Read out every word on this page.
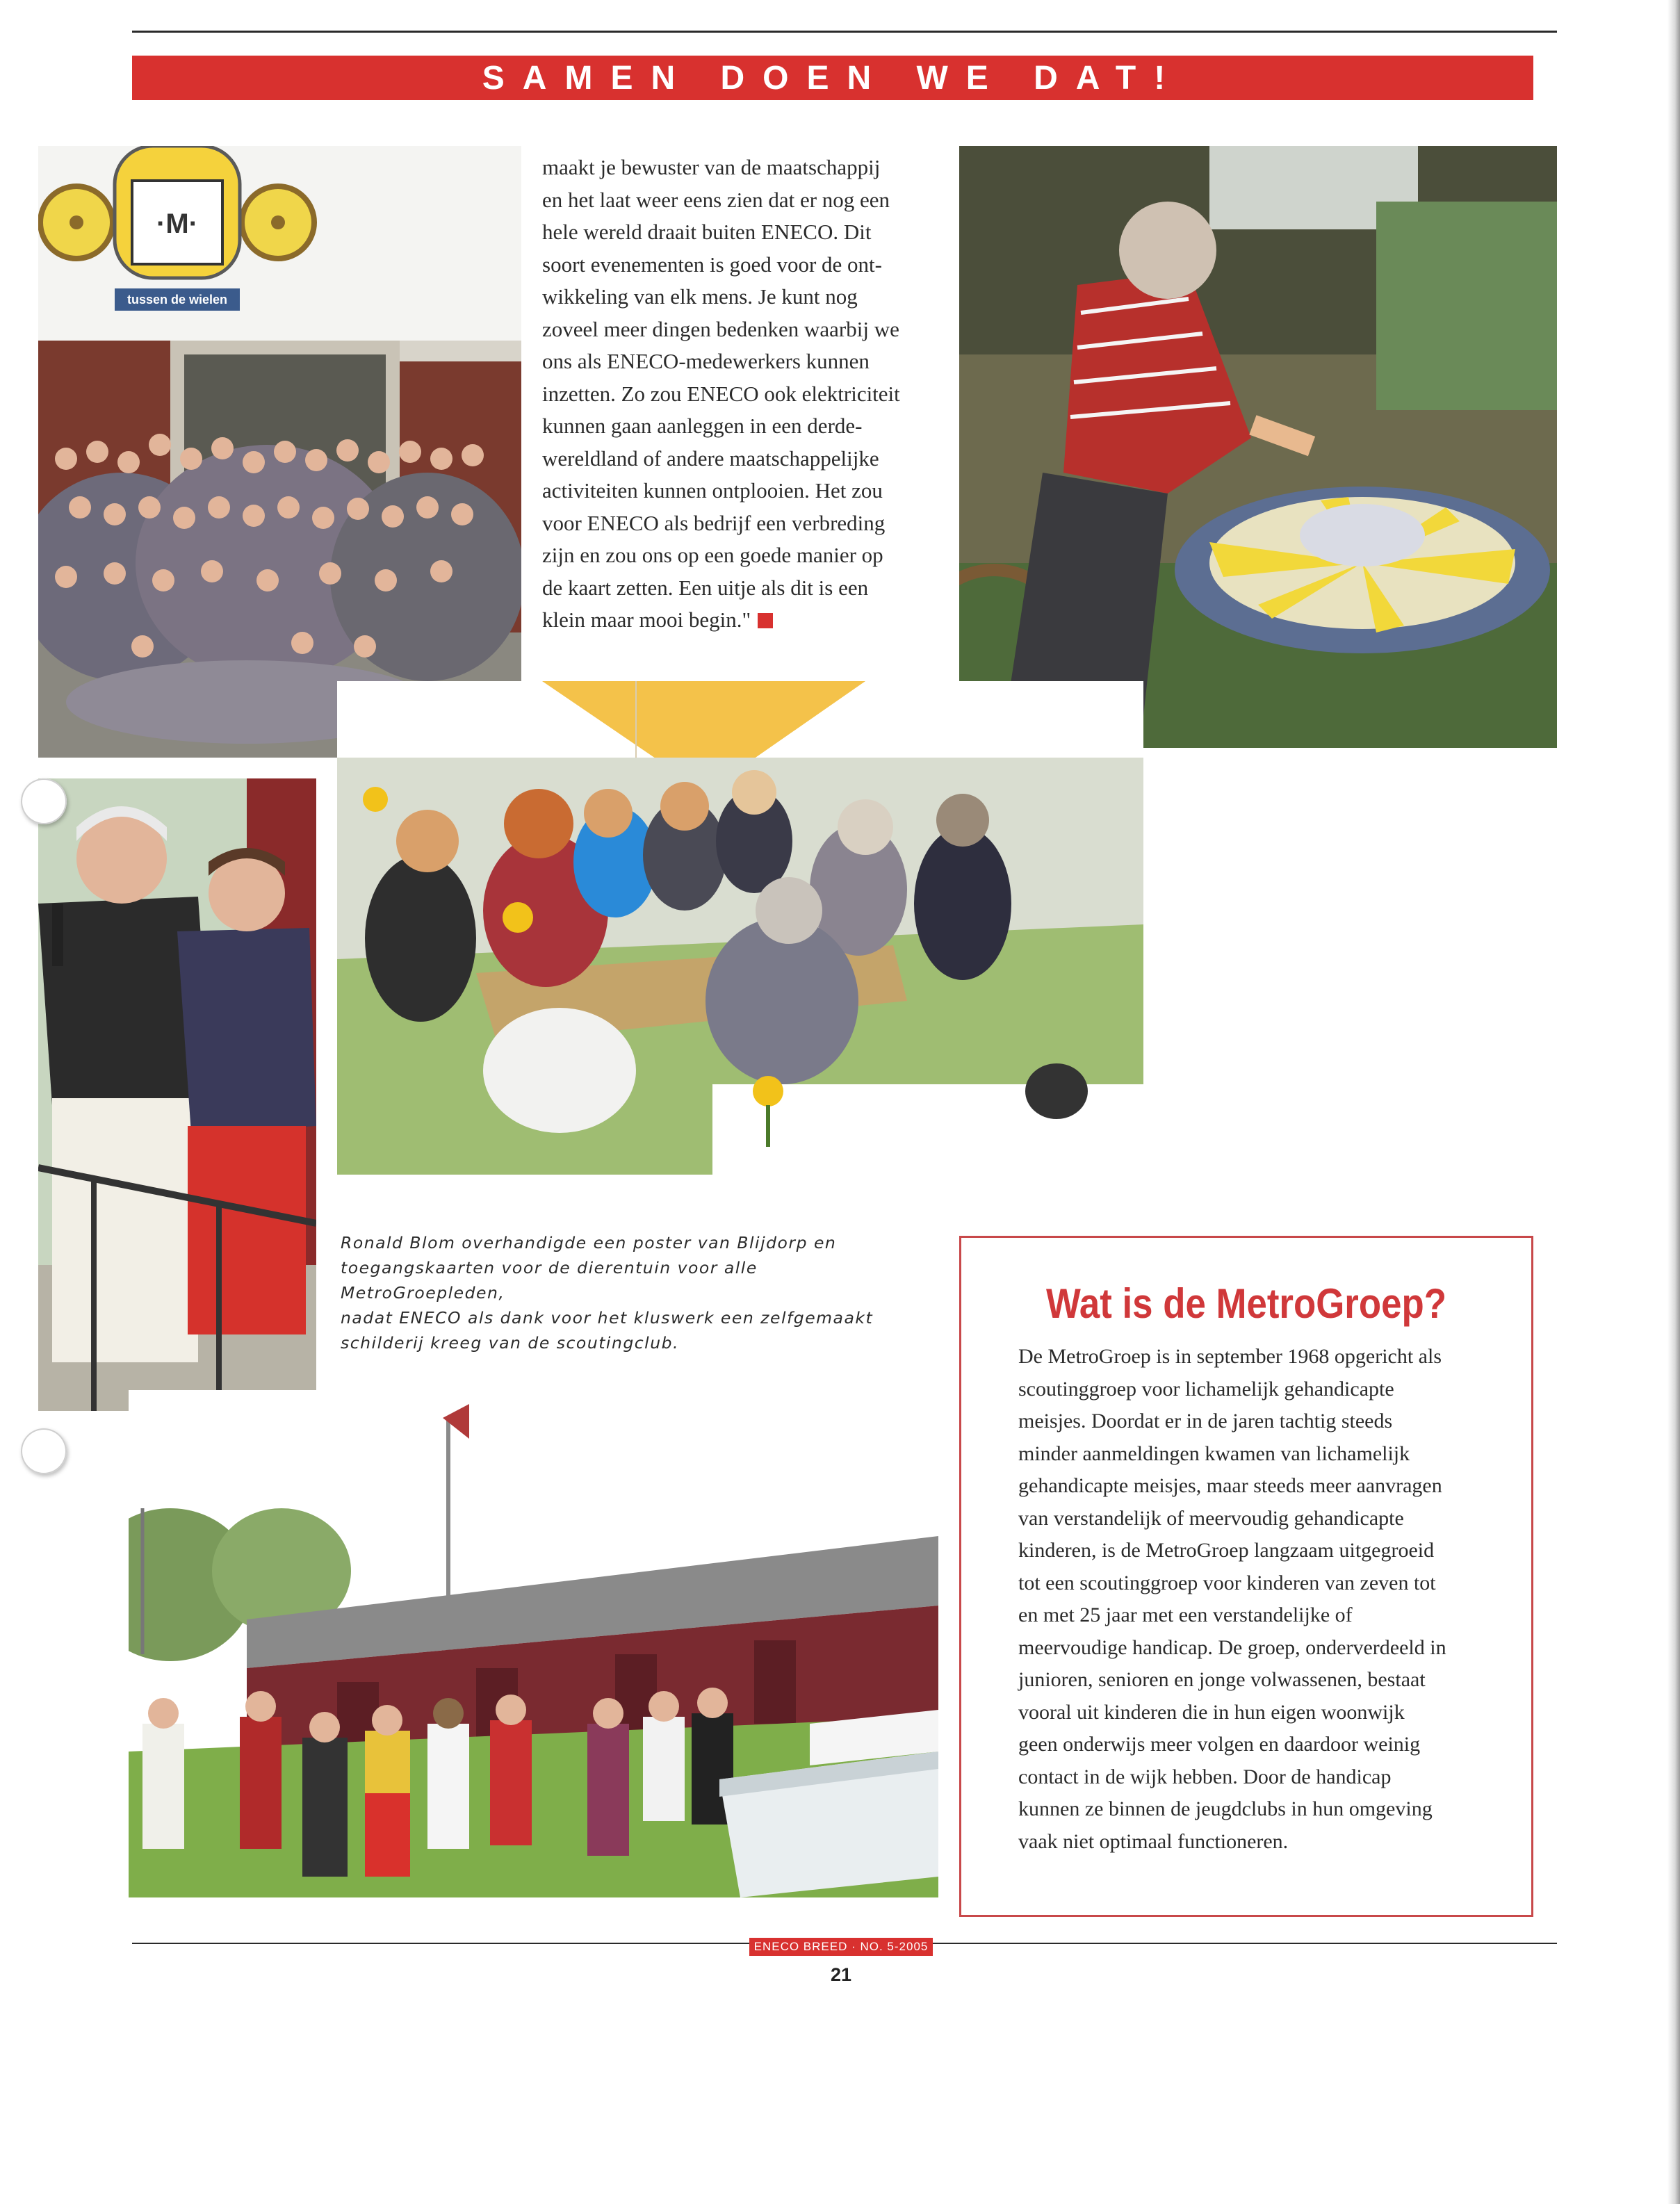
SAMEN DOEN WE DAT!
·M·
tussen de wielen

maakt je bewuster van de maatschappij

en het laat weer eens zien dat er nog een

hele wereld draait buiten ENECO. Dit

soort evenementen is goed voor de ont-

wikkeling van elk mens. Je kunt nog

zoveel meer dingen bedenken waarbij we

ons als ENECO-medewerkers kunnen

inzetten. Zo zou ENECO ook elektriciteit

kunnen gaan aanleggen in een derde-

wereldland of andere maatschappelijke

activiteiten kunnen ontplooien. Het zou

voor ENECO als bedrijf een verbreding

zijn en zou ons op een goede manier op

de kaart zetten. Een uitje als dit is een

klein maar mooi begin."

Ronald Blom overhandigde een poster van Blijdorp en

toegangskaarten voor de dierentuin voor alle MetroGroepleden,

nadat ENECO als dank voor het kluswerk een zelfgemaakt

schilderij kreeg van de scoutingclub.

Wat is de MetroGroep?

De MetroGroep is in september 1968 opgericht als

scoutinggroep voor lichamelijk gehandicapte

meisjes. Doordat er in de jaren tachtig steeds

minder aanmeldingen kwamen van lichamelijk

gehandicapte meisjes, maar steeds meer aanvragen

van verstandelijk of meervoudig gehandicapte

kinderen, is de MetroGroep langzaam uitgegroeid

tot een scoutinggroep voor kinderen van zeven tot

en met 25 jaar met een verstandelijke of

meervoudige handicap. De groep, onderverdeeld in

junioren, senioren en jonge volwassenen, bestaat

vooral uit kinderen die in hun eigen woonwijk

geen onderwijs meer volgen en daardoor weinig

contact in de wijk hebben. Door de handicap

kunnen ze binnen de jeugdclubs in hun omgeving

vaak niet optimaal functioneren.

ENECO BREED · NO. 5-2005
21
